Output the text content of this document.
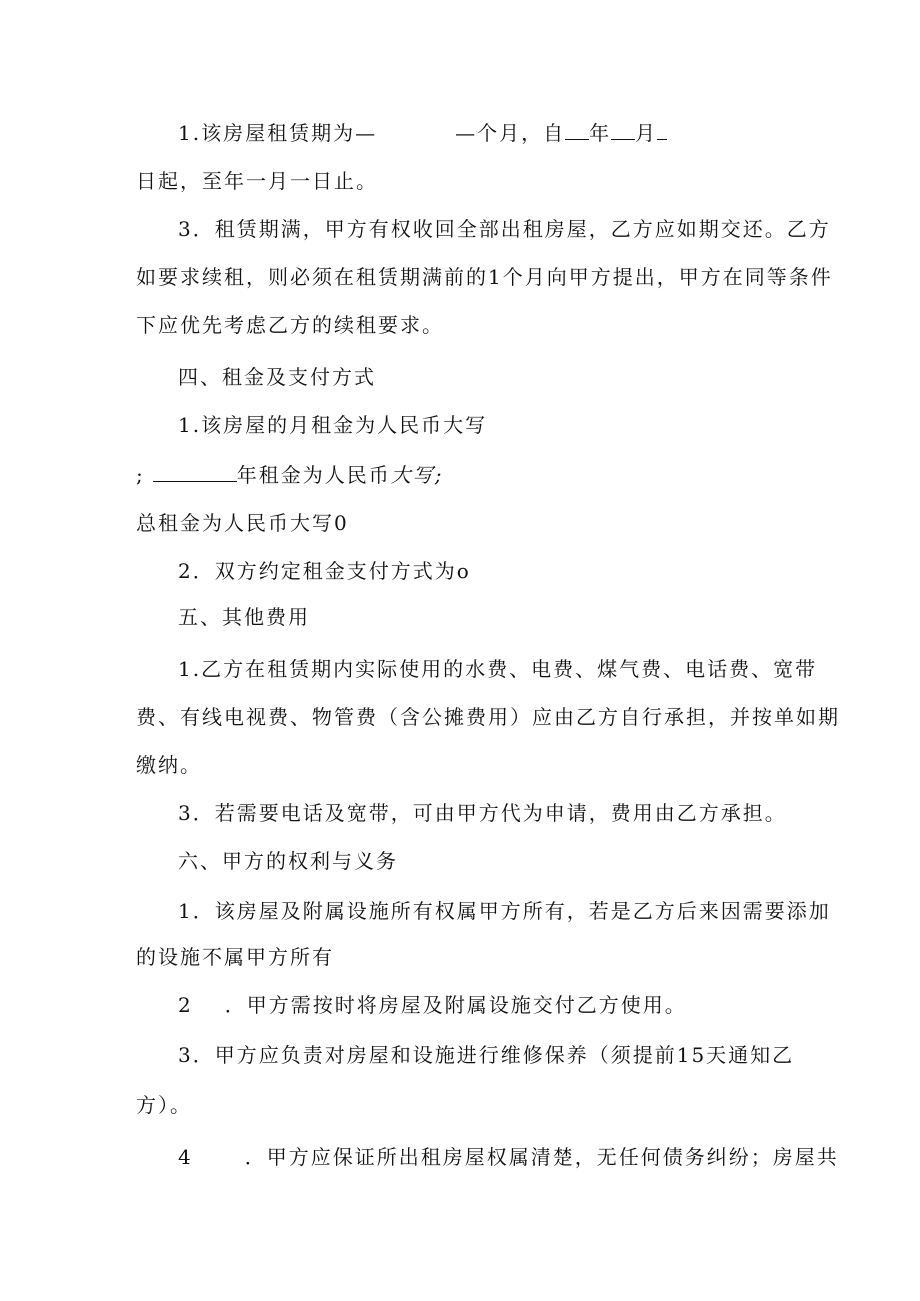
1.该房屋租赁期为—	—个月，自 年 月
日起，至年一月一日止。
3．租赁期满，甲方有权收回全部出租房屋，乙方应如期交还。乙方
如要求续租，则必须在租赁期满前的1个月向甲方提出，甲方在同等条件
下应优先考虑乙方的续租要求。
四、租金及支付方式
1.该房屋的月租金为人民币大写
;	年租金为人民币大写;
总租金为人民币大写0
2．双方约定租金支付方式为o
五、其他费用
1.乙方在租赁期内实际使用的水费、电费、煤气费、电话费、宽带
费、有线电视费、物管费（含公摊费用）应由乙方自行承担，并按单如期
缴纳。
3．若需要电话及宽带，可由甲方代为申请，费用由乙方承担。
六、甲方的权利与义务
1．该房屋及附属设施所有权属甲方所有，若是乙方后来因需要添加
的设施不属甲方所有
2 ．甲方需按时将房屋及附属设施交付乙方使用。
3．甲方应负责对房屋和设施进行维修保养（须提前15天通知乙
方）。
4	．甲方应保证所出租房屋权属清楚，无任何债务纠纷；房屋共
